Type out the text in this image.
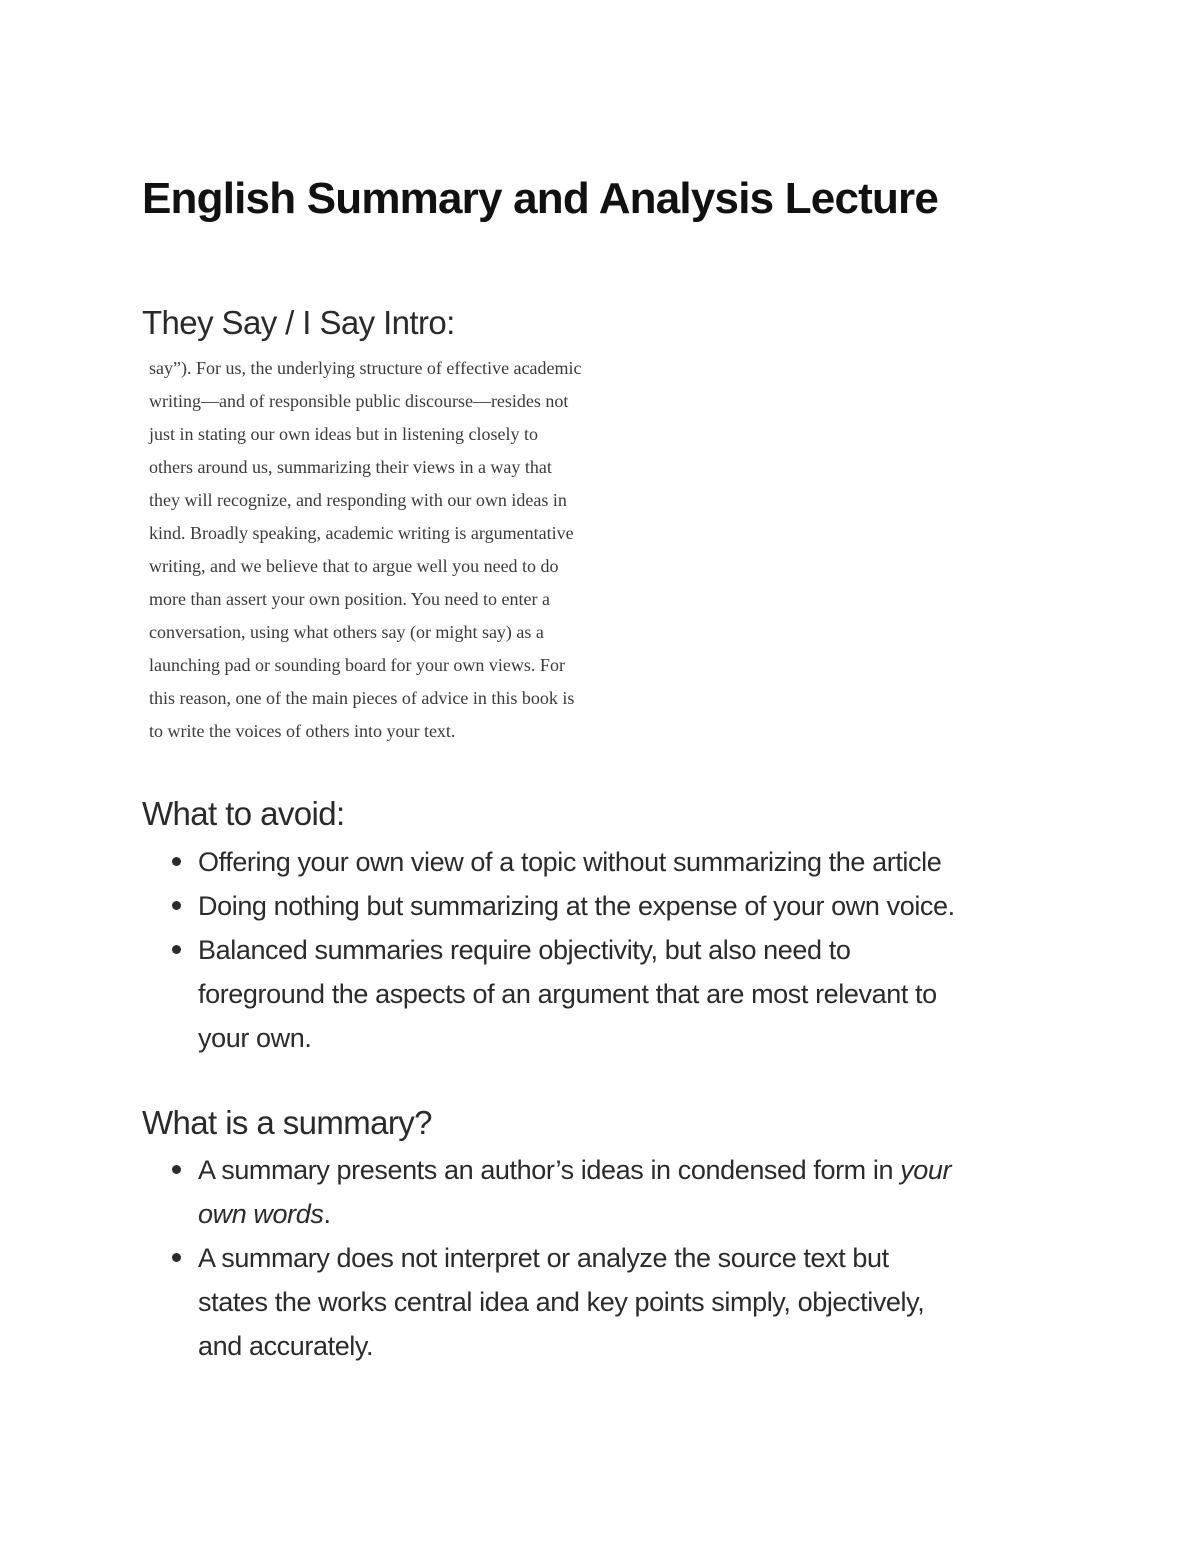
English Summary and Analysis Lecture
They Say / I Say Intro:
say”). For us, the underlying structure of effective academic
writing—and of responsible public discourse—resides not
just in stating our own ideas but in listening closely to
others around us, summarizing their views in a way that
they will recognize, and responding with our own ideas in
kind. Broadly speaking, academic writing is argumentative
writing, and we believe that to argue well you need to do
more than assert your own position. You need to enter a
conversation, using what others say (or might say) as a
launching pad or sounding board for your own views. For
this reason, one of the main pieces of advice in this book is
to write the voices of others into your text.
What to avoid:
Offering your own view of a topic without summarizing the article
Doing nothing but summarizing at the expense of your own voice.
Balanced summaries require objectivity, but also need to
foreground the aspects of an argument that are most relevant to
your own.
What is a summary?
A summary presents an author’s ideas in condensed form in your
own words.
A summary does not interpret or analyze the source text but
states the works central idea and key points simply, objectively,
and accurately.
